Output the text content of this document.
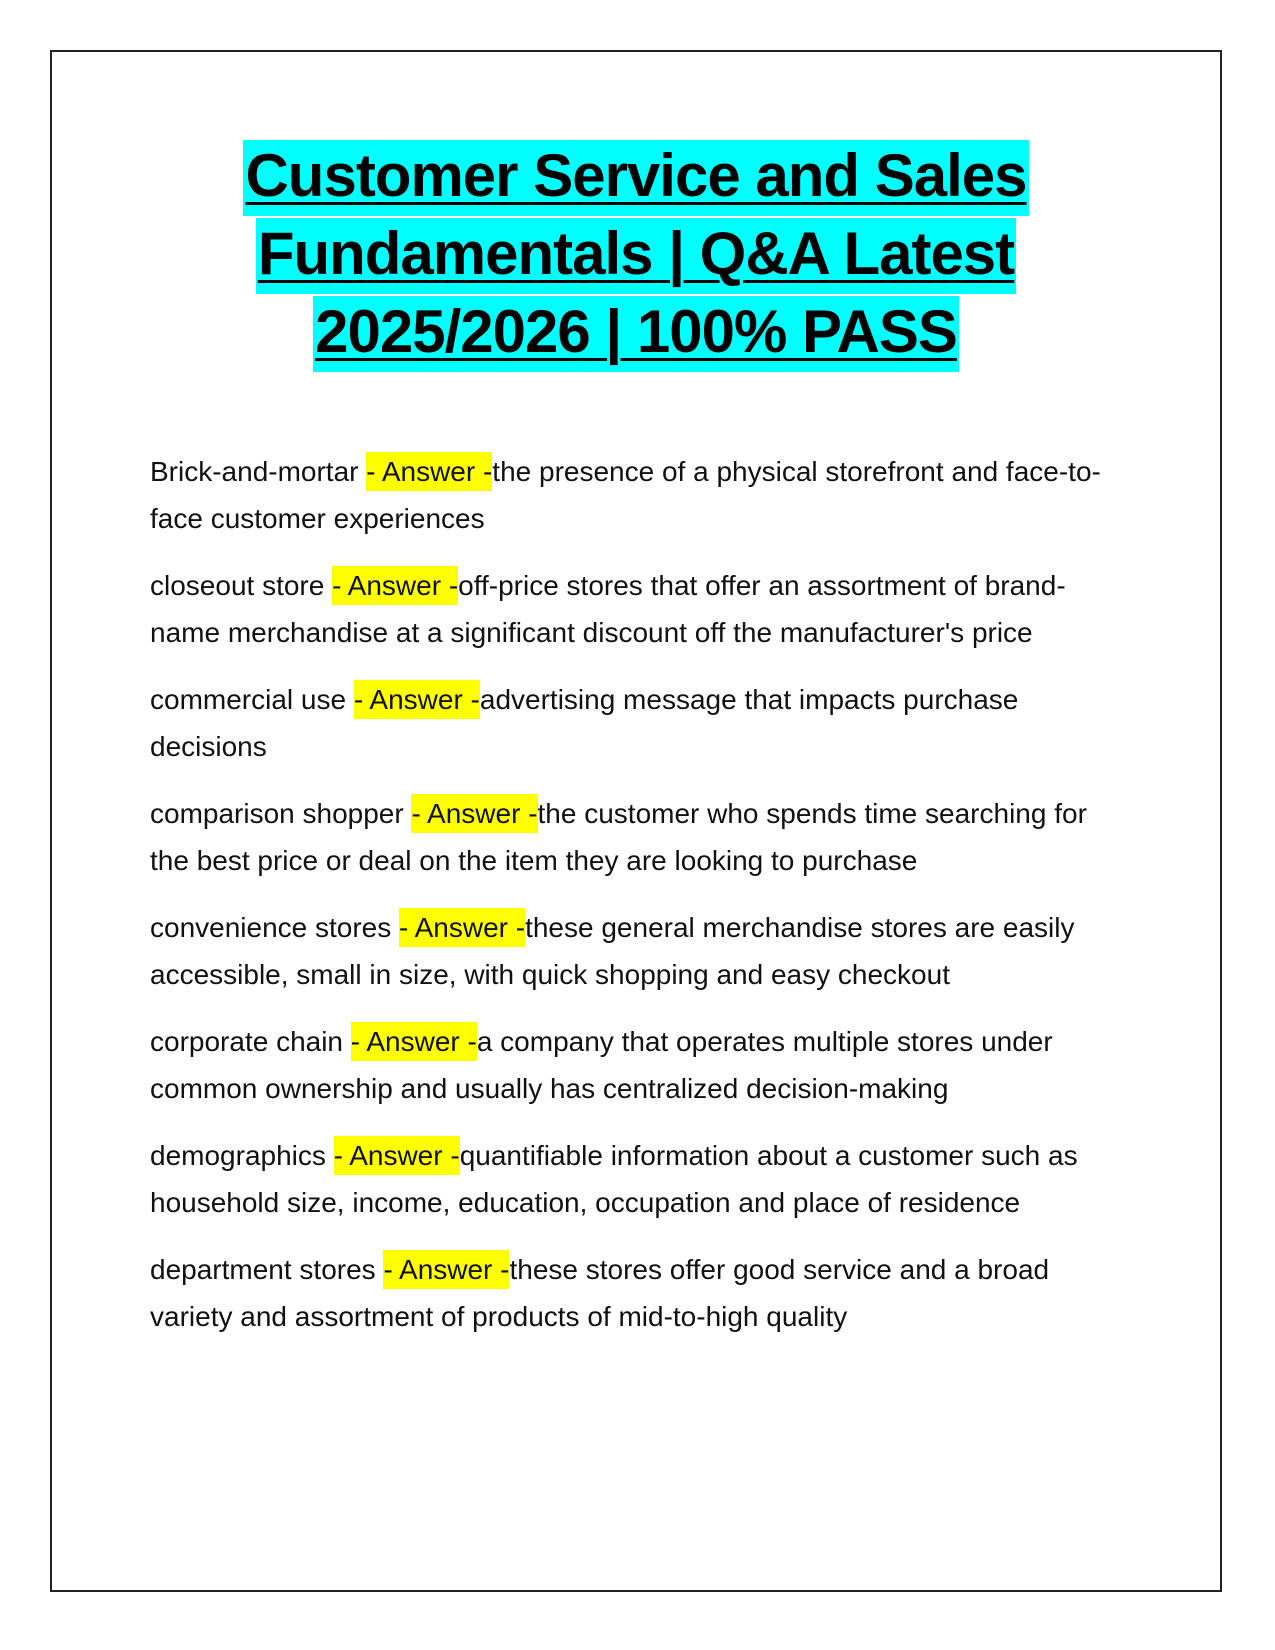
Customer Service and Sales
Fundamentals | Q&A Latest
2025/2026 | 100% PASS

Brick-and-mortar - Answer -the presence of a physical storefront and face-to-face customer experiences

closeout store - Answer -off-price stores that offer an assortment of brand-name merchandise at a significant discount off the manufacturer's price

commercial use - Answer -advertising message that impacts purchase decisions

comparison shopper - Answer -the customer who spends time searching for the best price or deal on the item they are looking to purchase

convenience stores - Answer -these general merchandise stores are easily accessible, small in size, with quick shopping and easy checkout

corporate chain - Answer -a company that operates multiple stores under common ownership and usually has centralized decision-making

demographics - Answer -quantifiable information about a customer such as household size, income, education, occupation and place of residence

department stores - Answer -these stores offer good service and a broad variety and assortment of products of mid-to-high quality
